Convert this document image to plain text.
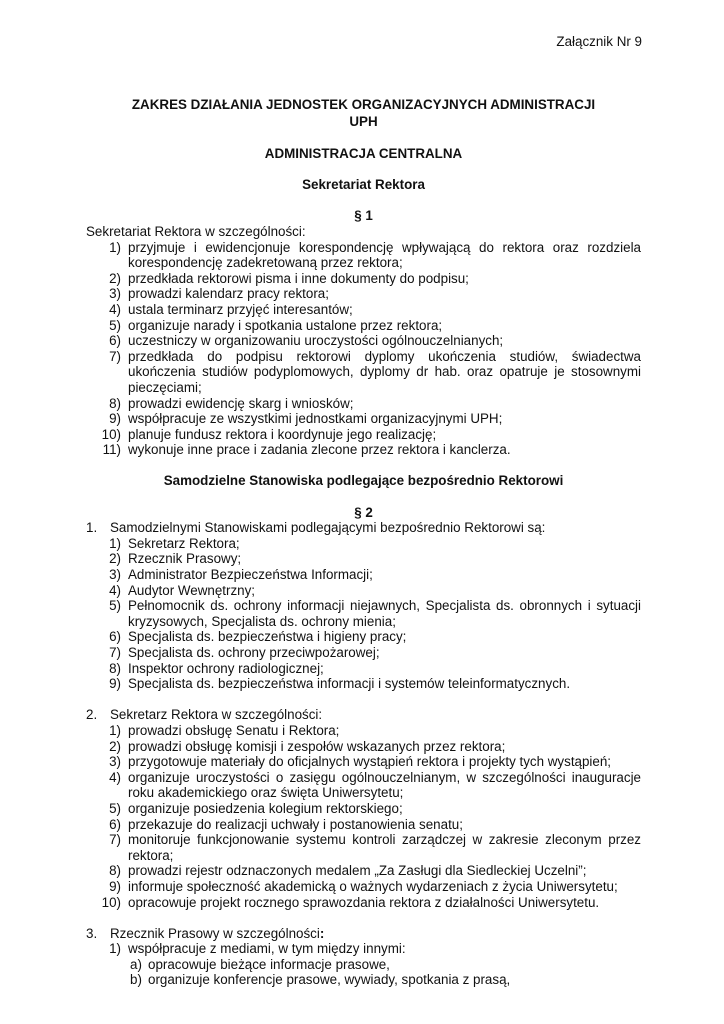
Załącznik Nr 9
ZAKRES DZIAŁANIA JEDNOSTEK ORGANIZACYJNYCH ADMINISTRACJI
UPH
ADMINISTRACJA CENTRALNA
Sekretariat Rektora
§ 1
Sekretariat Rektora w szczególności:
1) przyjmuje i ewidencjonuje korespondencję wpływającą do rektora oraz rozdziela korespondencję zadekretowaną przez rektora;
2) przedkłada rektorowi pisma i inne dokumenty do podpisu;
3) prowadzi kalendarz pracy rektora;
4) ustala terminarz przyjęć interesantów;
5) organizuje narady i spotkania ustalone przez rektora;
6) uczestniczy w organizowaniu uroczystości ogólnouczelnianych;
7) przedkłada do podpisu rektorowi dyplomy ukończenia studiów, świadectwa ukończenia studiów podyplomowych, dyplomy dr hab. oraz opatruje je stosownymi pieczęciami;
8) prowadzi ewidencję skarg i wniosków;
9) współpracuje ze wszystkimi jednostkami organizacyjnymi UPH;
10) planuje fundusz rektora i koordynuje jego realizację;
11) wykonuje inne prace i zadania zlecone przez rektora i kanclerza.
Samodzielne Stanowiska podlegające bezpośrednio Rektorowi
§ 2
1. Samodzielnymi Stanowiskami podlegającymi bezpośrednio Rektorowi są:
1) Sekretarz Rektora;
2) Rzecznik Prasowy;
3) Administrator Bezpieczeństwa Informacji;
4) Audytor Wewnętrzny;
5) Pełnomocnik ds. ochrony informacji niejawnych, Specjalista ds. obronnych i sytuacji kryzysowych, Specjalista ds. ochrony mienia;
6) Specjalista ds. bezpieczeństwa i higieny pracy;
7) Specjalista ds. ochrony przeciwpożarowej;
8) Inspektor ochrony radiologicznej;
9) Specjalista ds. bezpieczeństwa informacji i systemów teleinformatycznych.
2. Sekretarz Rektora w szczególności:
1) prowadzi obsługę Senatu i Rektora;
2) prowadzi obsługę komisji i zespołów wskazanych przez rektora;
3) przygotowuje materiały do oficjalnych wystąpień rektora i projekty tych wystąpień;
4) organizuje uroczystości o zasięgu ogólnouczelnianym, w szczególności inauguracje roku akademickiego oraz święta Uniwersytetu;
5) organizuje posiedzenia kolegium rektorskiego;
6) przekazuje do realizacji uchwały i postanowienia senatu;
7) monitoruje funkcjonowanie systemu kontroli zarządczej w zakresie zleconym przez rektora;
8) prowadzi rejestr odznaczonych medalem „Za Zasługi dla Siedleckiej Uczelni”;
9) informuje społeczność akademicką o ważnych wydarzeniach z życia Uniwersytetu;
10) opracowuje projekt rocznego sprawozdania rektora z działalności Uniwersytetu.
3. Rzecznik Prasowy w szczególności:
1) współpracuje z mediami, w tym między innymi:
a) opracowuje bieżące informacje prasowe,
b) organizuje konferencje prasowe, wywiady, spotkania z prasą,
